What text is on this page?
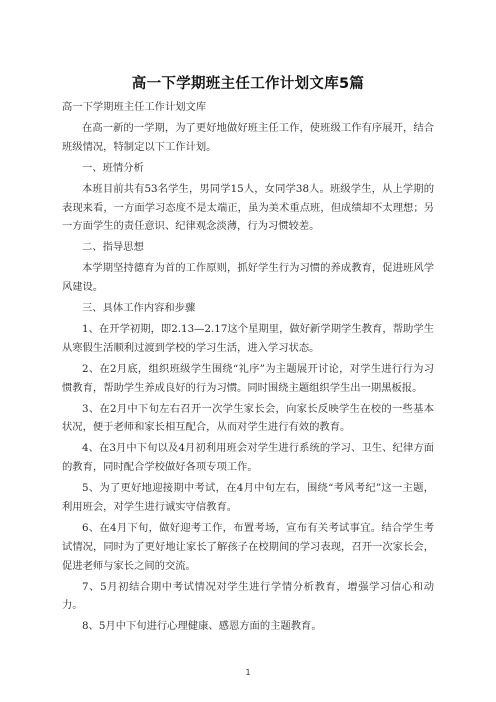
高一下学期班主任工作计划文库5篇

高一下学期班主任工作计划文库

在高一新的一学期，为了更好地做好班主任工作，使班级工作有序展开，结合班级情况，特制定以下工作计划。

一、班情分析

本班目前共有53名学生，男同学15人，女同学38人。班级学生，从上学期的表现来看，一方面学习态度不是太端正，虽为美术重点班，但成绩却不太理想；另一方面学生的责任意识、纪律观念淡薄，行为习惯较差。

二、指导思想

本学期坚持德育为首的工作原则，抓好学生行为习惯的养成教育，促进班风学风建设。

三、具体工作内容和步骤

1、在开学初期，即2.13—2.17这个星期里，做好新学期学生教育，帮助学生从寒假生活顺利过渡到学校的学习生活，进入学习状态。

2、在2月底，组织班级学生围绕“礼序”为主题展开讨论，对学生进行行为习惯教育，帮助学生养成良好的行为习惯。同时围绕主题组织学生出一期黑板报。

3、在2月中下旬左右召开一次学生家长会，向家长反映学生在校的一些基本状况，便于老师和家长相互配合，从而对学生进行有效的教育。

4、在3月中下旬以及4月初利用班会对学生进行系统的学习、卫生、纪律方面的教育，同时配合学校做好各项专项工作。

5、为了更好地迎接期中考试，在4月中旬左右，围绕“考风考纪”这一主题，利用班会，对学生进行诚实守信教育。

6、在4月下旬，做好迎考工作，布置考场，宣布有关考试事宜。结合学生考试情况，同时为了更好地让家长了解孩子在校期间的学习表现，召开一次家长会，促进老师与家长之间的交流。

7、5月初结合期中考试情况对学生进行学情分析教育，增强学习信心和动力。

8、5月中下旬进行心理健康、感恩方面的主题教育。

1
